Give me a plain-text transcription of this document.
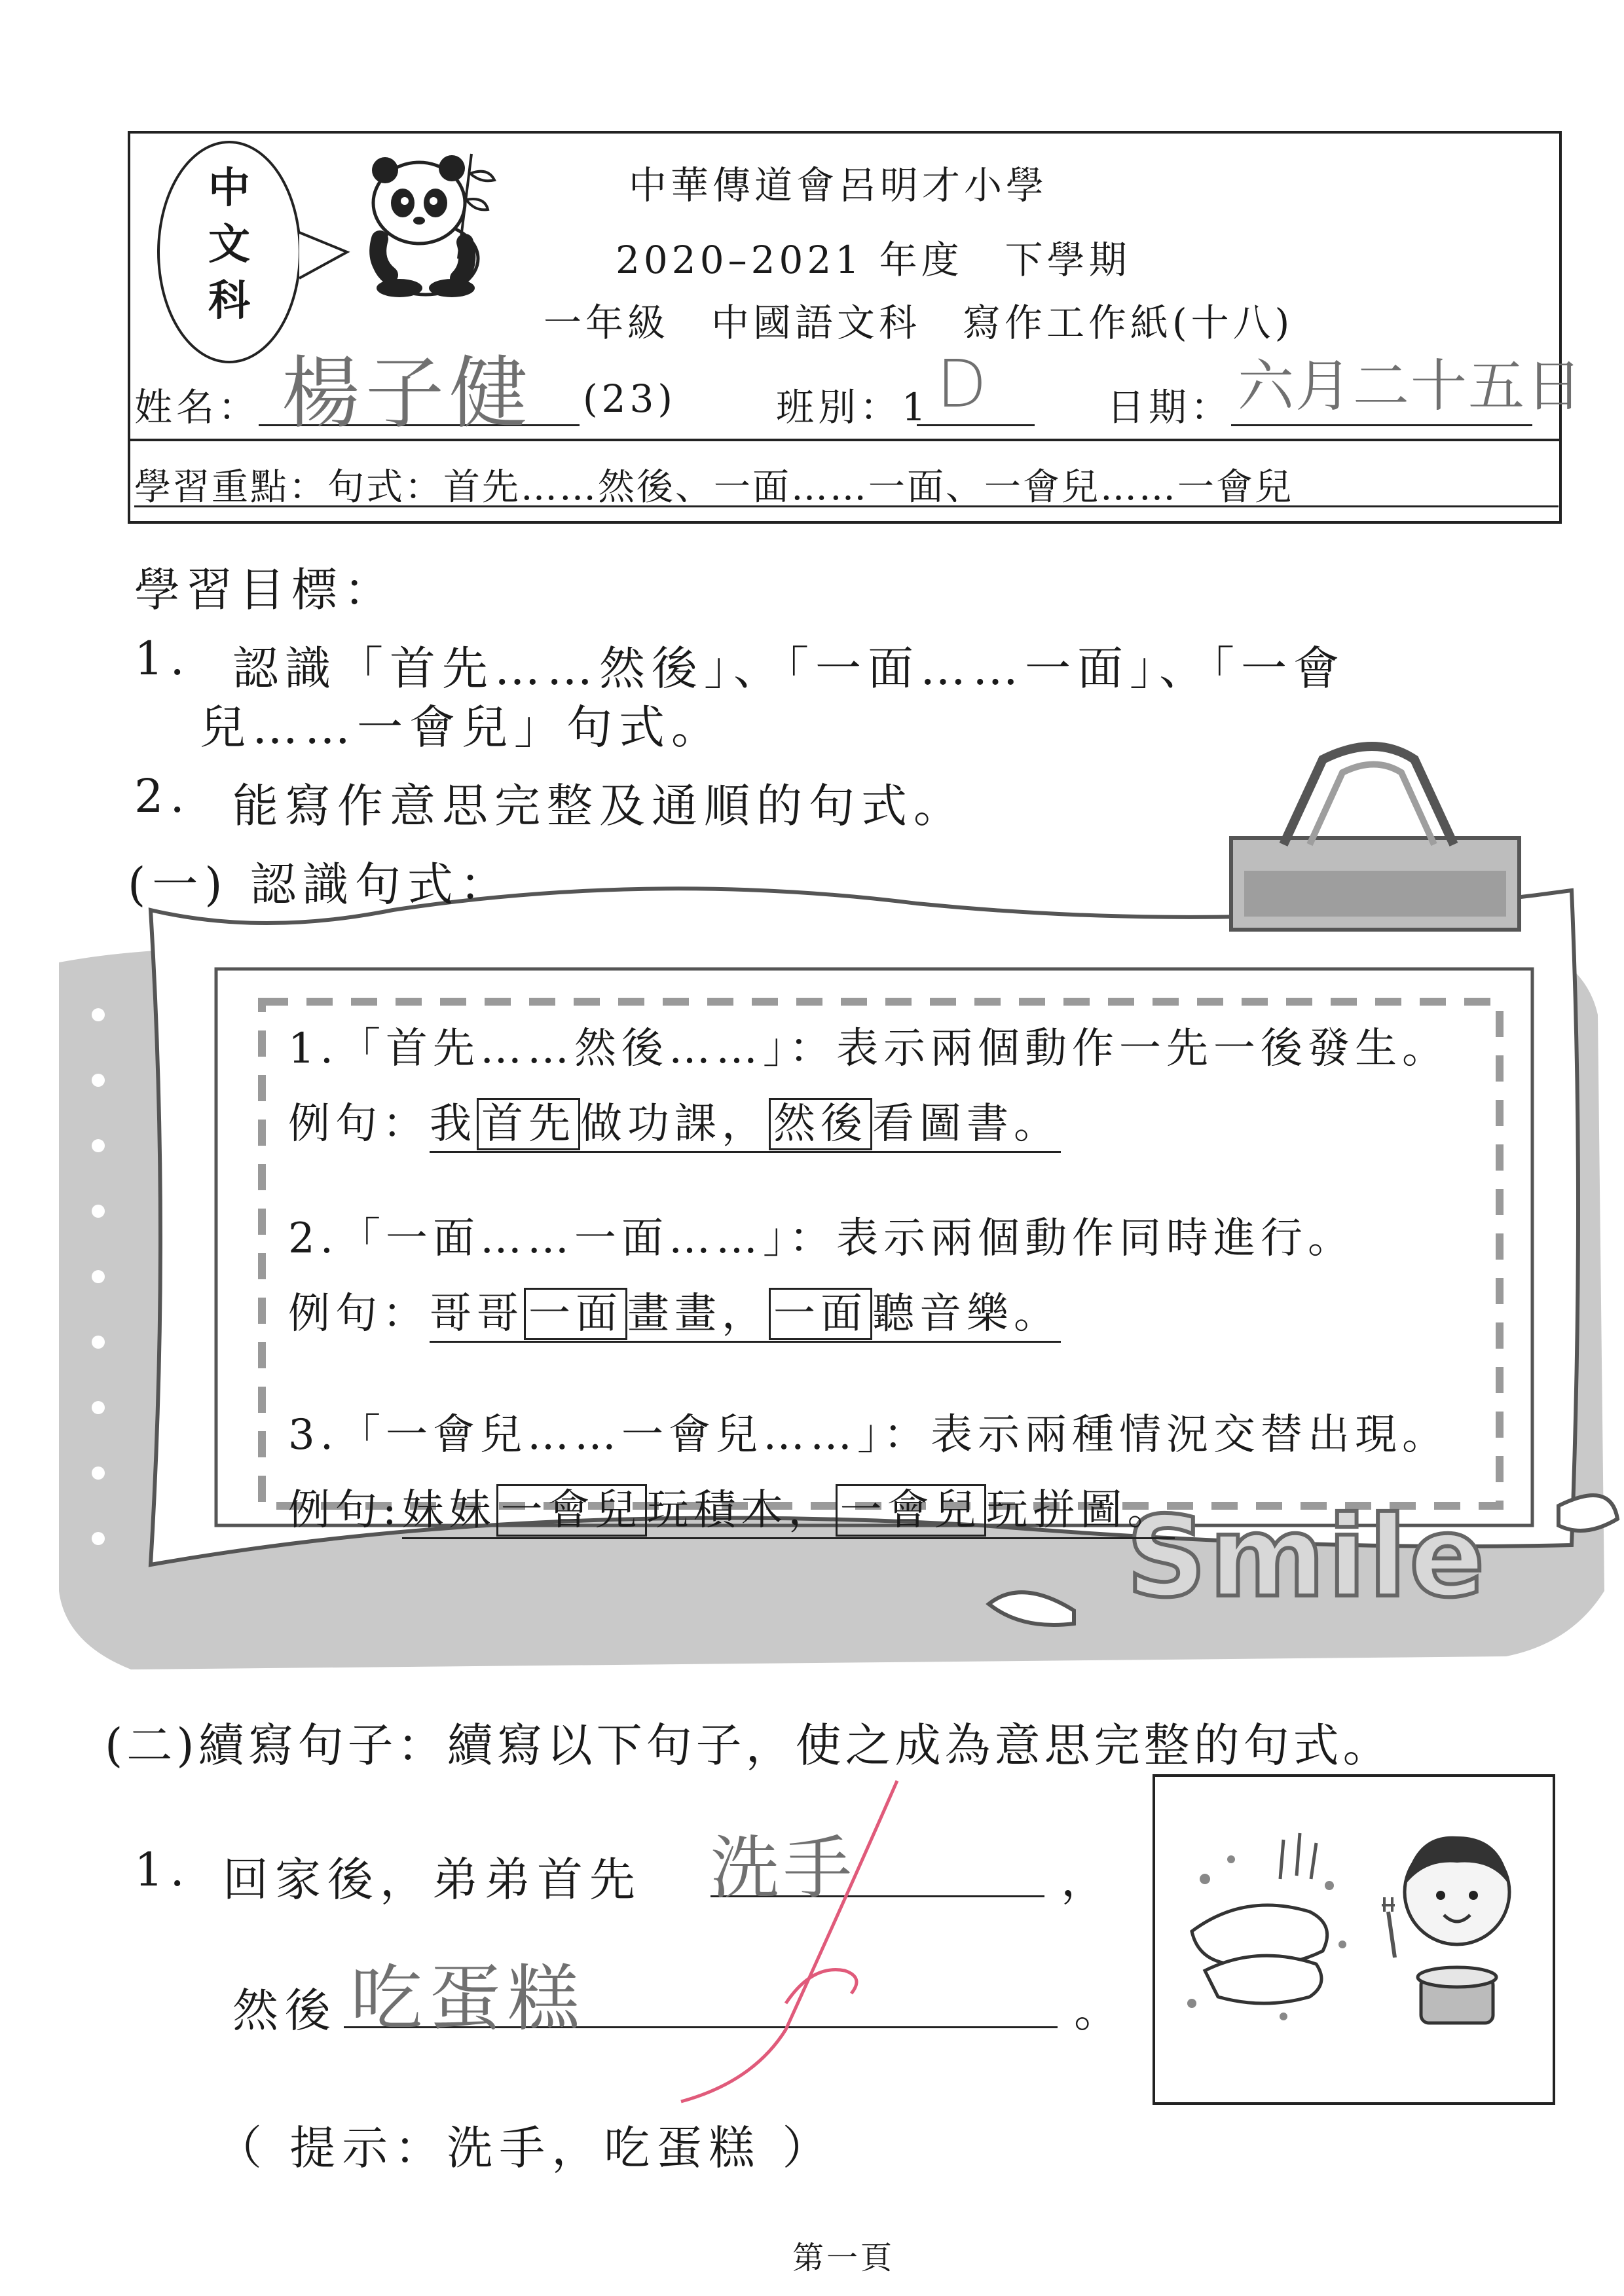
中
文
科
中華傳道會呂明才小學
2020–2021 年度　下學期
一年級　中國語文科　寫作工作紙(十八)
姓名： 楊子健 (23)	班別：1 D	日期： 六月二十五日
學習重點：句式：首先……然後、一面……一面、一會兒……一會兒
學習目標：
1. 認識「首先……然後」、「一面……一面」、「一會
兒……一會兒」句式。
2. 能寫作意思完整及通順的句式。
Smile
(一) 認識句式：
1.「首先……然後……」：表示兩個動作一先一後發生。
例句：我 首先 做功課， 然後 看圖書。
2.「一面……一面……」：表示兩個動作同時進行。
例句：哥哥 一面 畫畫， 一面 聽音樂。
3.「一會兒……一會兒……」：表示兩種情況交替出現。
例句:妹妹 一會兒 玩積木， 一會兒 玩拼圖。
(二)續寫句子：續寫以下句子，使之成為意思完整的句式。
1. 回家後，弟弟首先 洗手	，
然後 吃蛋糕	。
（ 提示：洗手，吃蛋糕 ）
第一頁
